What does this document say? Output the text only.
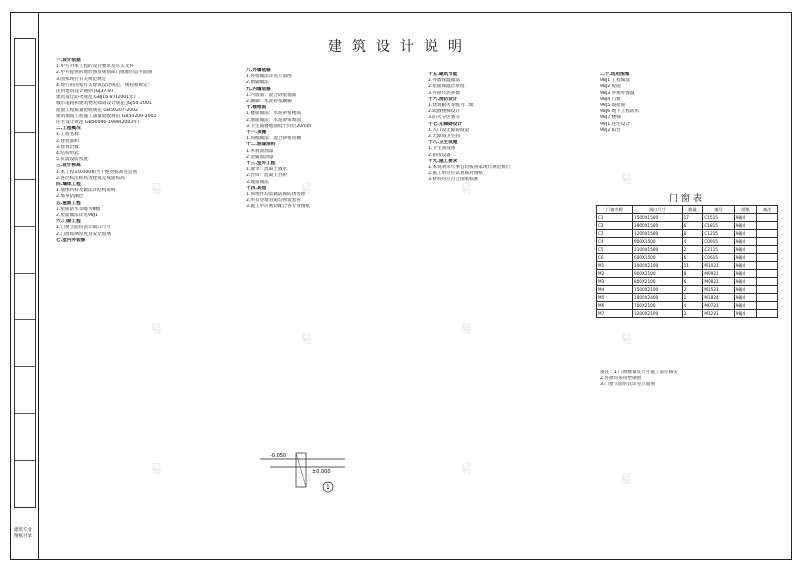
建筑设计说明

一.设计依据

1.甲方对本工程的设计要求及有关文件

2.甲方提供的地形图及规划部门批准的总平面图

3.国家现行有关规范规定

4.现行的国家有关建筑设计规范、规程和规定：

民用建筑设计通则 JGJ37-87

建筑设计防火规范 GBJ16-87(2001年)

城市道路和建筑物无障碍设计规范 JGJ50-2001

屋面工程质量验收规范 GB50207-2002

建筑地面工程施工质量验收规范 GB50209-2002

住宅设计规范 GB50096-1999(2003年)

二.工程概况

1.工程名称：

2.建筑面积：

3.建筑层数：

4.结构形式：

5.抗震设防烈度：

三.设计标高

1.本工程±0.000相当于绝对标高见总图

2.各层标注标高为建筑完成面标高

四.墙体工程

1.墙体材料及做法详结构说明

2.墙身防潮层

五.屋面工程

1.屋面防水等级为Ⅲ级

2.屋面做法详见98J1

六.门窗工程

1.门窗立面均表示洞口尺寸

2.门窗玻璃厚度及安全玻璃

七.室内外装修

八.外墙装修

1.外墙做法详见立面图

2.勒脚做法

九.内墙装修

1.内墙面：混合砂浆墙面

2.踢脚：水泥砂浆踢脚

十.楼地面

1.楼面做法：水泥砂浆楼面

2.地面做法：水泥砂浆地面

3.卫生间楼地面低于同层20mm

十一.顶棚

1.顶棚做法：混合砂浆顶棚

十二.油漆涂料

1.木材面油漆

2.金属面油漆

十三.室外工程

1.散水：混凝土散水

2.台阶：混凝土台阶

3.坡道做法

十四.其他

1.预埋件均需做防腐防锈处理

2.所有穿墙管道均预留套管

3.施工中应密切配合各专业图纸

十五.建筑节能

1.外墙保温做法

2.屋面保温层厚度

3.外窗传热系数

十六.消防设计

1.建筑耐火等级为二级

2.疏散楼梯设计

3.防火分区划分

十七.无障碍设计

1.入口设无障碍坡道

2.无障碍卫生间

十八.卫生设施

1.卫生间设备

2.厨房设备

十九.施工要求

1.本说明未尽事宜均按国家现行规范执行

2.施工单位应认真核对图纸

3.材料均应符合国家标准

二十.选用图集

98J1 工程做法

98J2 屋面

98J3 外墙外保温

98J4 门窗

98J5 坡屋面

98J6 地下工程防水

98J7 楼梯

99J1 住宅设计

99J2 阳台

门窗表
门窗名称	洞口尺寸	数量	编号	图集	备注
C1	1500X1500	17	C1515	98J4	
C2	1800X1500	6	C1815	98J4	
C3	1200X1500	8	C1215	98J4	
C4	900X1500	4	C0915	98J4	
C5	2100X1500	2	C2115	98J4	
C6	600X1500	6	C0615	98J4	
M1	1000X2100	11	M1021	98J4	
M2	900X2100	8	M0921	98J4	
M3	800X2100	6	M0821	98J4	
M4	1500X2100	2	M1521	98J4	
M5	1800X2400	1	M1824	98J4	
M6	700X2100	4	M0721	98J4	
M7	1200X2100	2	M1221	98J4	

备注：1.门窗数量及尺寸施工前应核实

2.外窗均采用塑钢窗

3.门窗立面形式详见立面图

-0.050
±0.000
1

建筑专业

图纸目录

易	易	易
易
易
易
易
易
易
易
易
易
